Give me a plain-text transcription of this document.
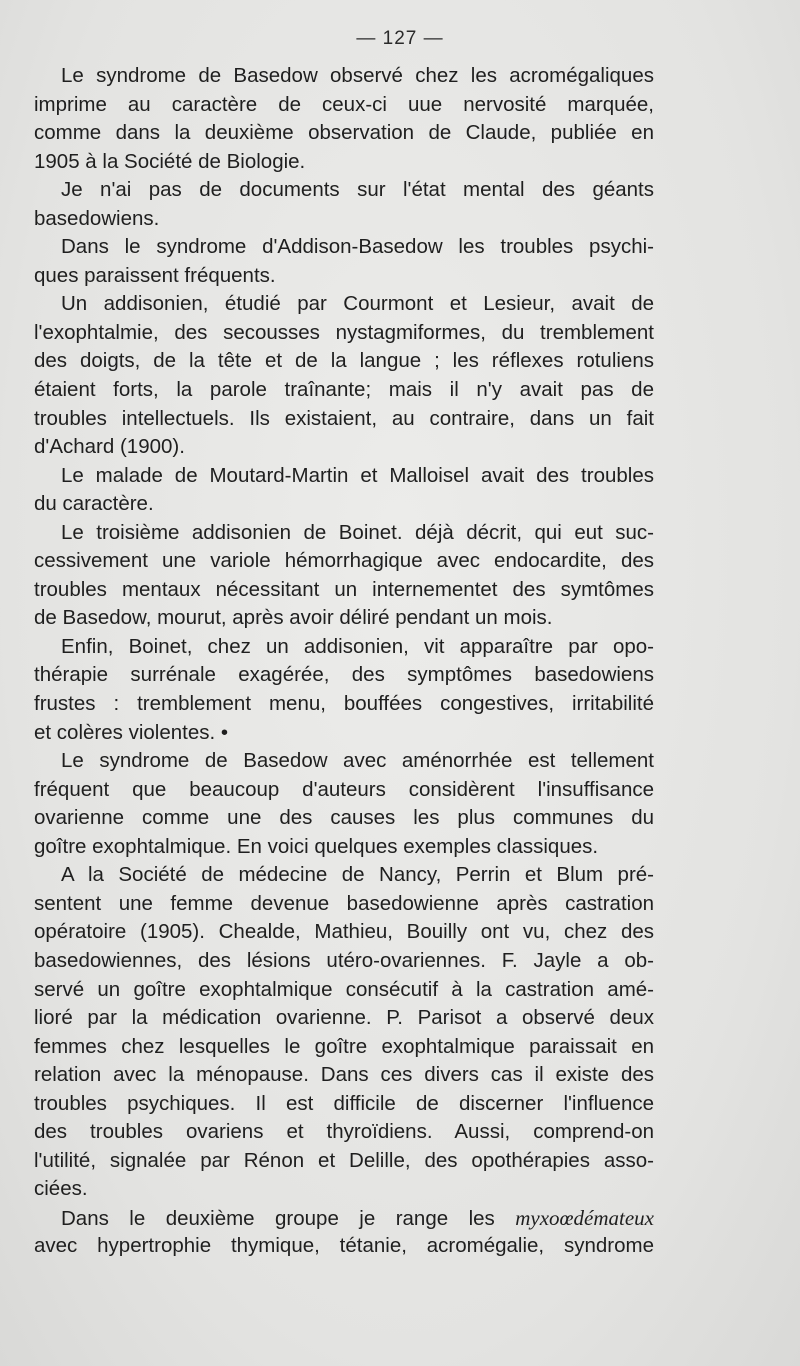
— 127 —
Le syndrome de Basedow observé chez les acromégaliques
imprime au caractère de ceux-ci uue nervosité marquée,
comme dans la deuxième observation de Claude, publiée en
1905 à la Société de Biologie.
Je n'ai pas de documents sur l'état mental des géants
basedowiens.
Dans le syndrome d'Addison-Basedow les troubles psychi-
ques paraissent fréquents.
Un addisonien, étudié par Courmont et Lesieur, avait de
l'exophtalmie, des secousses nystagmiformes, du tremblement
des doigts, de la tête et de la langue ; les réflexes rotuliens
étaient forts, la parole traînante; mais il n'y avait pas de
troubles intellectuels. Ils existaient, au contraire, dans un fait
d'Achard (1900).
Le malade de Moutard-Martin et Malloisel avait des troubles
du caractère.
Le troisième addisonien de Boinet. déjà décrit, qui eut suc-
cessivement une variole hémorrhagique avec endocardite, des
troubles mentaux nécessitant un internementet des symtômes
de Basedow, mourut, après avoir déliré pendant un mois.
Enfin, Boinet, chez un addisonien, vit apparaître par opo-
thérapie surrénale exagérée, des symptômes basedowiens
frustes : tremblement menu, bouffées congestives, irritabilité
et colères violentes. •
Le syndrome de Basedow avec aménorrhée est tellement
fréquent que beaucoup d'auteurs considèrent l'insuffisance
ovarienne comme une des causes les plus communes du
goître exophtalmique. En voici quelques exemples classiques.
A la Société de médecine de Nancy, Perrin et Blum pré-
sentent une femme devenue basedowienne après castration
opératoire (1905). Chealde, Mathieu, Bouilly ont vu, chez des
basedowiennes, des lésions utéro-ovariennes. F. Jayle a ob-
servé un goître exophtalmique consécutif à la castration amé-
lioré par la médication ovarienne. P. Parisot a observé deux
femmes chez lesquelles le goître exophtalmique paraissait en
relation avec la ménopause. Dans ces divers cas il existe des
troubles psychiques. Il est difficile de discerner l'influence
des troubles ovariens et thyroïdiens. Aussi, comprend-on
l'utilité, signalée par Rénon et Delille, des opothérapies asso-
ciées.
Dans le deuxième groupe je range les myxoœdémateux
avec hypertrophie thymique, tétanie, acromégalie, syndrome
